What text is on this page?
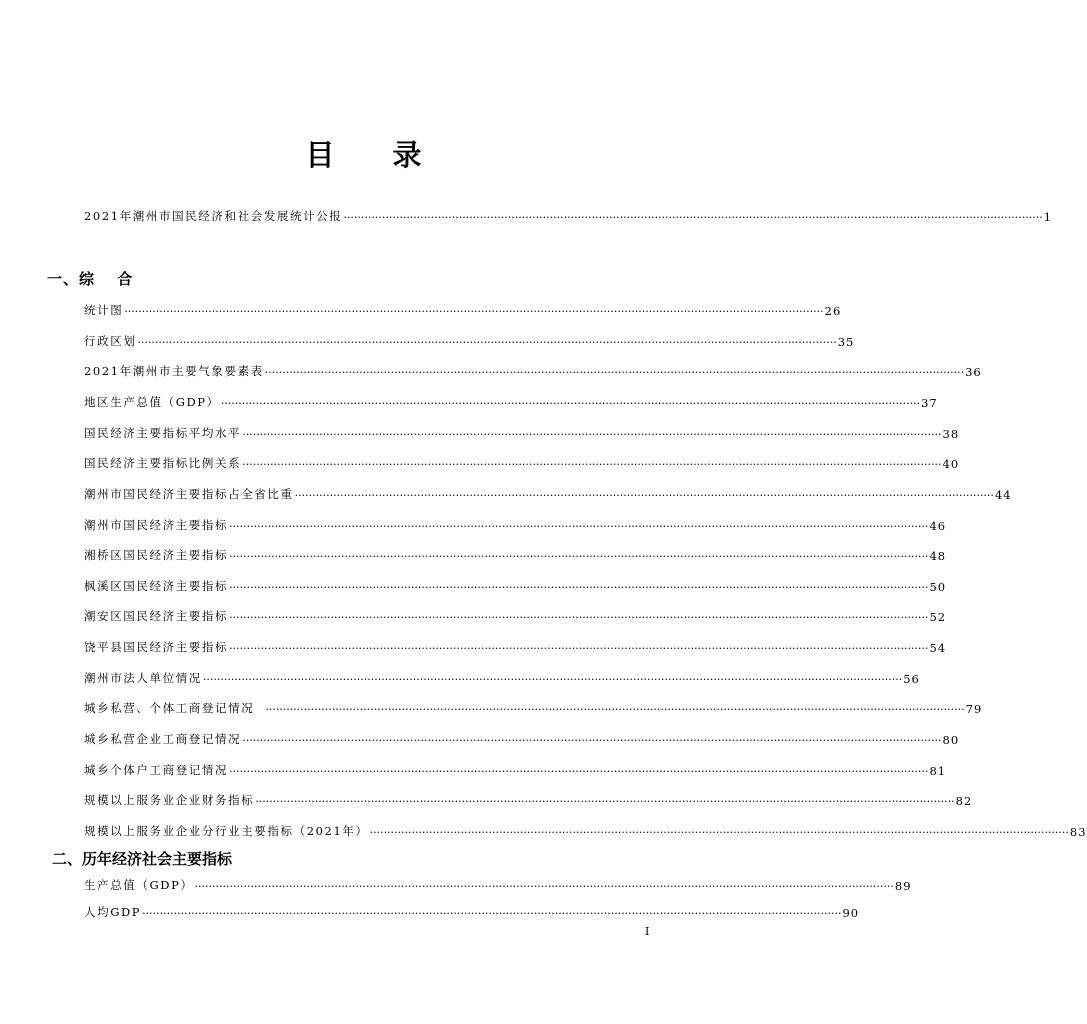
目 录
2021年潮州市国民经济和社会发展统计公报 ········································································································································································································ 1
一、综　 合
统计图 ········································································································································································································ 26
行政区划 ········································································································································································································ 35
2021年潮州市主要气象要素表 ········································································································································································································ 36
地区生产总值（GDP） ········································································································································································································ 37
国民经济主要指标平均水平 ········································································································································································································ 38
国民经济主要指标比例关系 ········································································································································································································ 40
潮州市国民经济主要指标占全省比重 ········································································································································································································ 44
潮州市国民经济主要指标 ········································································································································································································ 46
湘桥区国民经济主要指标 ········································································································································································································ 48
枫溪区国民经济主要指标 ········································································································································································································ 50
潮安区国民经济主要指标 ········································································································································································································ 52
饶平县国民经济主要指标 ········································································································································································································ 54
潮州市法人单位情况 ········································································································································································································ 56
城乡私营、个体工商登记情况 ········································································································································································································ 79
城乡私营企业工商登记情况 ········································································································································································································ 80
城乡个体户工商登记情况 ········································································································································································································ 81
规模以上服务业企业财务指标 ········································································································································································································ 82
规模以上服务业企业分行业主要指标（2021年） ········································································································································································································ 83
二、历年经济社会主要指标
生产总值（GDP） ········································································································································································································ 89
人均GDP ········································································································································································································ 90
I
